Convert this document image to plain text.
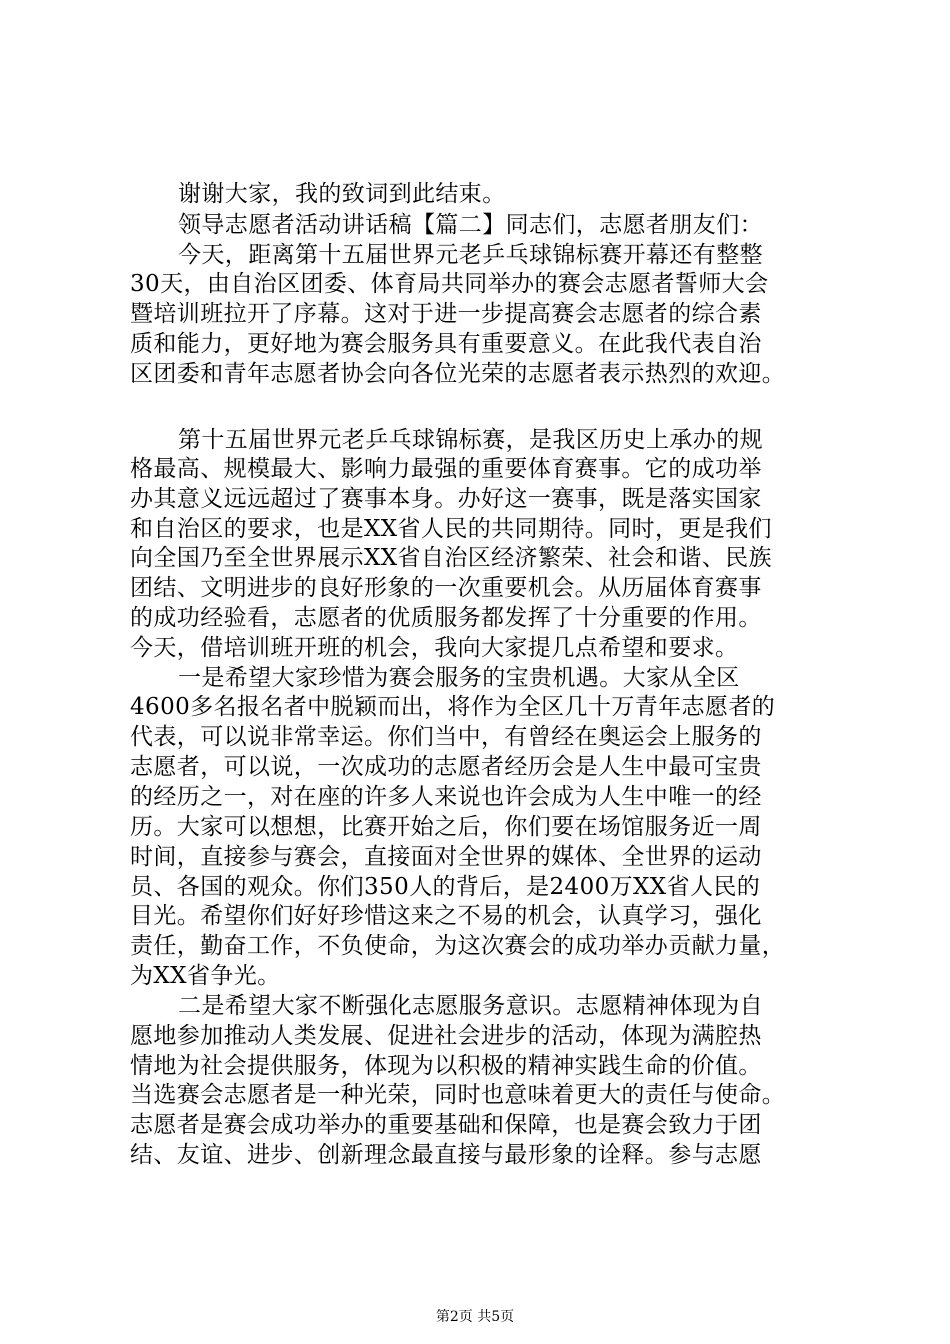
谢谢大家，我的致词到此结束。
领导志愿者活动讲话稿【篇二】同志们，志愿者朋友们：
今天，距离第十五届世界元老乒乓球锦标赛开幕还有整整
30天，由自治区团委、体育局共同举办的赛会志愿者誓师大会
暨培训班拉开了序幕。这对于进一步提高赛会志愿者的综合素
质和能力，更好地为赛会服务具有重要意义。在此我代表自治
区团委和青年志愿者协会向各位光荣的志愿者表示热烈的欢迎。
第十五届世界元老乒乓球锦标赛，是我区历史上承办的规
格最高、规模最大、影响力最强的重要体育赛事。它的成功举
办其意义远远超过了赛事本身。办好这一赛事，既是落实国家
和自治区的要求，也是XX省人民的共同期待。同时，更是我们
向全国乃至全世界展示XX省自治区经济繁荣、社会和谐、民族
团结、文明进步的良好形象的一次重要机会。从历届体育赛事
的成功经验看，志愿者的优质服务都发挥了十分重要的作用。
今天，借培训班开班的机会，我向大家提几点希望和要求。
一是希望大家珍惜为赛会服务的宝贵机遇。大家从全区
4600多名报名者中脱颖而出，将作为全区几十万青年志愿者的
代表，可以说非常幸运。你们当中，有曾经在奥运会上服务的
志愿者，可以说，一次成功的志愿者经历会是人生中最可宝贵
的经历之一，对在座的许多人来说也许会成为人生中唯一的经
历。大家可以想想，比赛开始之后，你们要在场馆服务近一周
时间，直接参与赛会，直接面对全世界的媒体、全世界的运动
员、各国的观众。你们350人的背后，是2400万XX省人民的
目光。希望你们好好珍惜这来之不易的机会，认真学习，强化
责任，勤奋工作，不负使命，为这次赛会的成功举办贡献力量，
为XX省争光。
二是希望大家不断强化志愿服务意识。志愿精神体现为自
愿地参加推动人类发展、促进社会进步的活动，体现为满腔热
情地为社会提供服务，体现为以积极的精神实践生命的价值。
当选赛会志愿者是一种光荣，同时也意味着更大的责任与使命。
志愿者是赛会成功举办的重要基础和保障，也是赛会致力于团
结、友谊、进步、创新理念最直接与最形象的诠释。参与志愿
第2页 共5页
